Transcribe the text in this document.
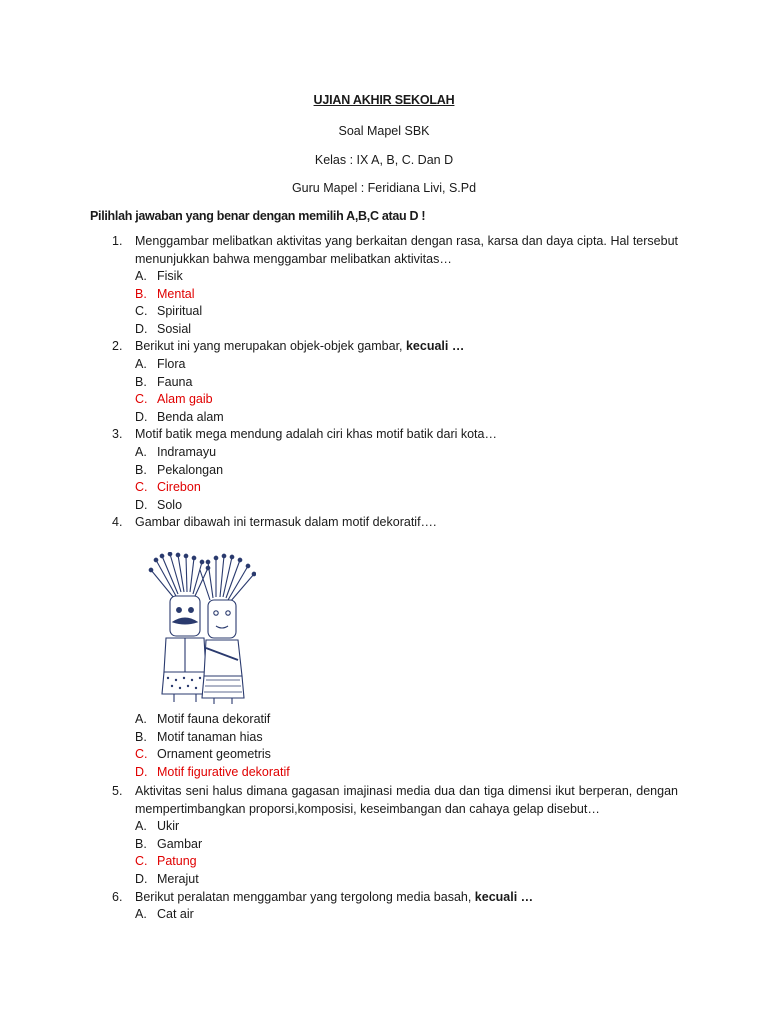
UJIAN AKHIR SEKOLAH
Soal Mapel SBK
Kelas : IX A, B, C. Dan D
Guru Mapel : Feridiana Livi, S.Pd
Pilihlah jawaban yang benar dengan memilih A,B,C atau D !
1. Menggambar melibatkan aktivitas yang berkaitan dengan rasa, karsa dan daya cipta. Hal tersebut menunjukkan bahwa menggambar melibatkan aktivitas…
A. Fisik
B. Mental
C. Spiritual
D. Sosial
2. Berikut ini yang merupakan objek-objek gambar, kecuali …
A. Flora
B. Fauna
C. Alam gaib
D. Benda alam
3. Motif batik mega mendung adalah ciri khas motif batik dari kota…
A. Indramayu
B. Pekalongan
C. Cirebon
D. Solo
4. Gambar dibawah ini termasuk dalam motif dekoratif….
A. Motif fauna dekoratif
B. Motif tanaman hias
C. Ornament geometris
D. Motif figurative dekoratif
5. Aktivitas seni halus dimana gagasan imajinasi media dua dan tiga dimensi ikut berperan, dengan mempertimbangkan proporsi,komposisi, keseimbangan dan cahaya gelap disebut…
A. Ukir
B. Gambar
C. Patung
D. Merajut
6. Berikut peralatan menggambar yang tergolong media basah, kecuali …
A. Cat air
